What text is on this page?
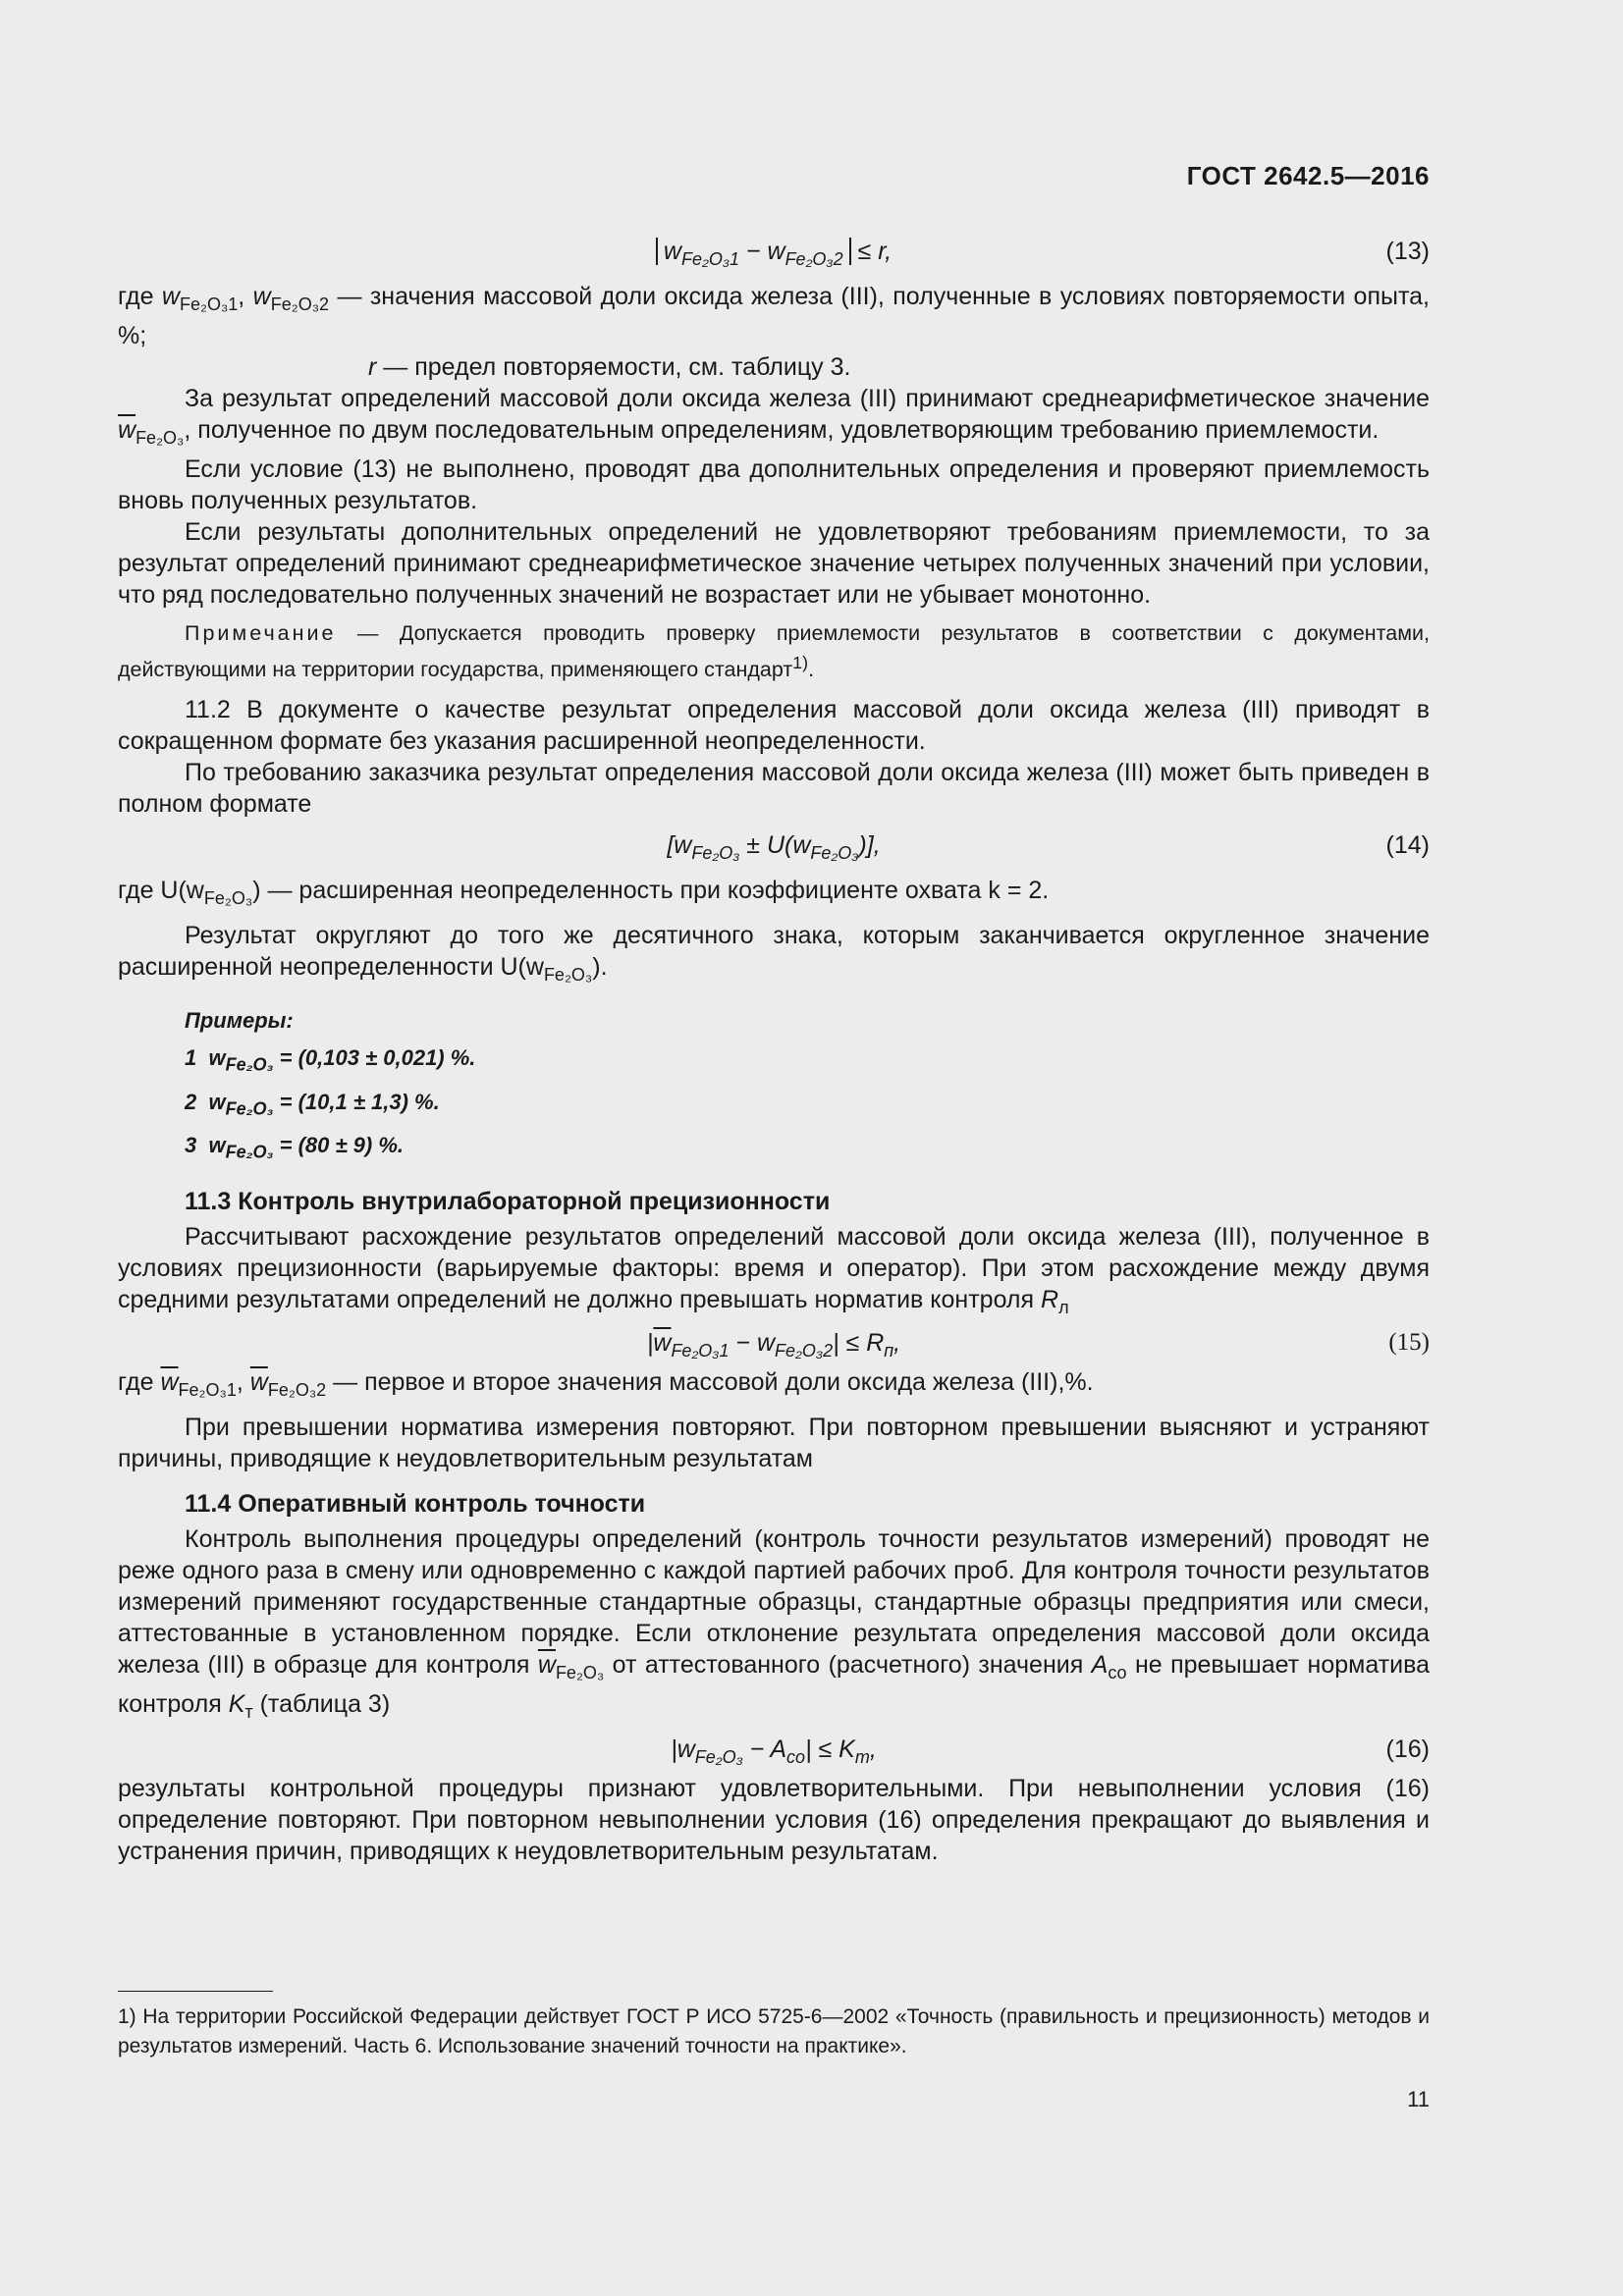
ГОСТ 2642.5—2016
$w_{Fe_2O_31} - w_{Fe_2O_32} \le r$,	(13)

где $w_{Fe_2O_31}$, $w_{Fe_2O_32}$ — значения массовой доли оксида железа (III), полученные в условиях повторяемости опыта, %;

r — предел повторяемости, см. таблицу 3.

За результат определений массовой доли оксида железа (III) принимают среднеарифметическое значение $\overline{w}_{Fe_2O_3}$, полученное по двум последовательным определениям, удовлетворяющим требованию приемлемости.

Если условие (13) не выполнено, проводят два дополнительных определения и проверяют приемлемость вновь полученных результатов.

Если результаты дополнительных определений не удовлетворяют требованиям приемлемости, то за результат определений принимают среднеарифметическое значение четырех полученных значений при условии, что ряд последовательно полученных значений не возрастает или не убывает монотонно.

Примечание — Допускается проводить проверку приемлемости результатов в соответствии с документами, действующими на территории государства, применяющего стандарт$^{1)}$.

11.2 В документе о качестве результат определения массовой доли оксида железа (III) приводят в сокращенном формате без указания расширенной неопределенности.

По требованию заказчика результат определения массовой доли оксида железа (III) может быть приведен в полном формате

$[w_{Fe_2O_3} \pm U(w_{Fe_2O_3})]$,	(14)

где $U(w_{Fe_2O_3})$ — расширенная неопределенность при коэффициенте охвата k = 2.

Результат округляют до того же десятичного знака, которым заканчивается округленное значение расширенной неопределенности $U(w_{Fe_2O_3})$.

Примеры:
1 $w_{Fe_2O_3} = (0,103 \pm 0,021)$ %.
2 $w_{Fe_2O_3} = (10,1 \pm 1,3)$ %.
3 $w_{Fe_2O_3} = (80 \pm 9)$ %.
11.3 Контроль внутрилабораторной прецизионности

Рассчитывают расхождение результатов определений массовой доли оксида железа (III), полученное в условиях прецизионности (варьируемые факторы: время и оператор). При этом расхождение между двумя средними результатами определений не должно превышать норматив контроля $R_л$

$|\overline{w}_{Fe_2O_31} - w_{Fe_2O_32}| \le R_п$,	(15)

где $\overline{w}_{Fe_2O_31}$, $\overline{w}_{Fe_2O_32}$ — первое и второе значения массовой доли оксида железа (III),%.

При превышении норматива измерения повторяют. При повторном превышении выясняют и устраняют причины, приводящие к неудовлетворительным результатам

11.4 Оперативный контроль точности

Контроль выполнения процедуры определений (контроль точности результатов измерений) проводят не реже одного раза в смену или одновременно с каждой партией рабочих проб. Для контроля точности результатов измерений применяют государственные стандартные образцы, стандартные образцы предприятия или смеси, аттестованные в установленном порядке. Если отклонение результата определения массовой доли оксида железа (III) в образце для контроля $\overline{w}_{Fe_2O_3}$ от аттестованного (расчетного) значения $A_{со}$ не превышает норматива контроля $K_т$ (таблица 3)

$|w_{Fe_2O_3} - A_{со}| \le K_т$,	(16)

результаты контрольной процедуры признают удовлетворительными. При невыполнении условия (16) определение повторяют. При повторном невыполнении условия (16) определения прекращают до выявления и устранения причин, приводящих к неудовлетворительным результатам.

1) На территории Российской Федерации действует ГОСТ Р ИСО 5725-6—2002 «Точность (правильность и прецизионность) методов и результатов измерений. Часть 6. Использование значений точности на практике».

11
